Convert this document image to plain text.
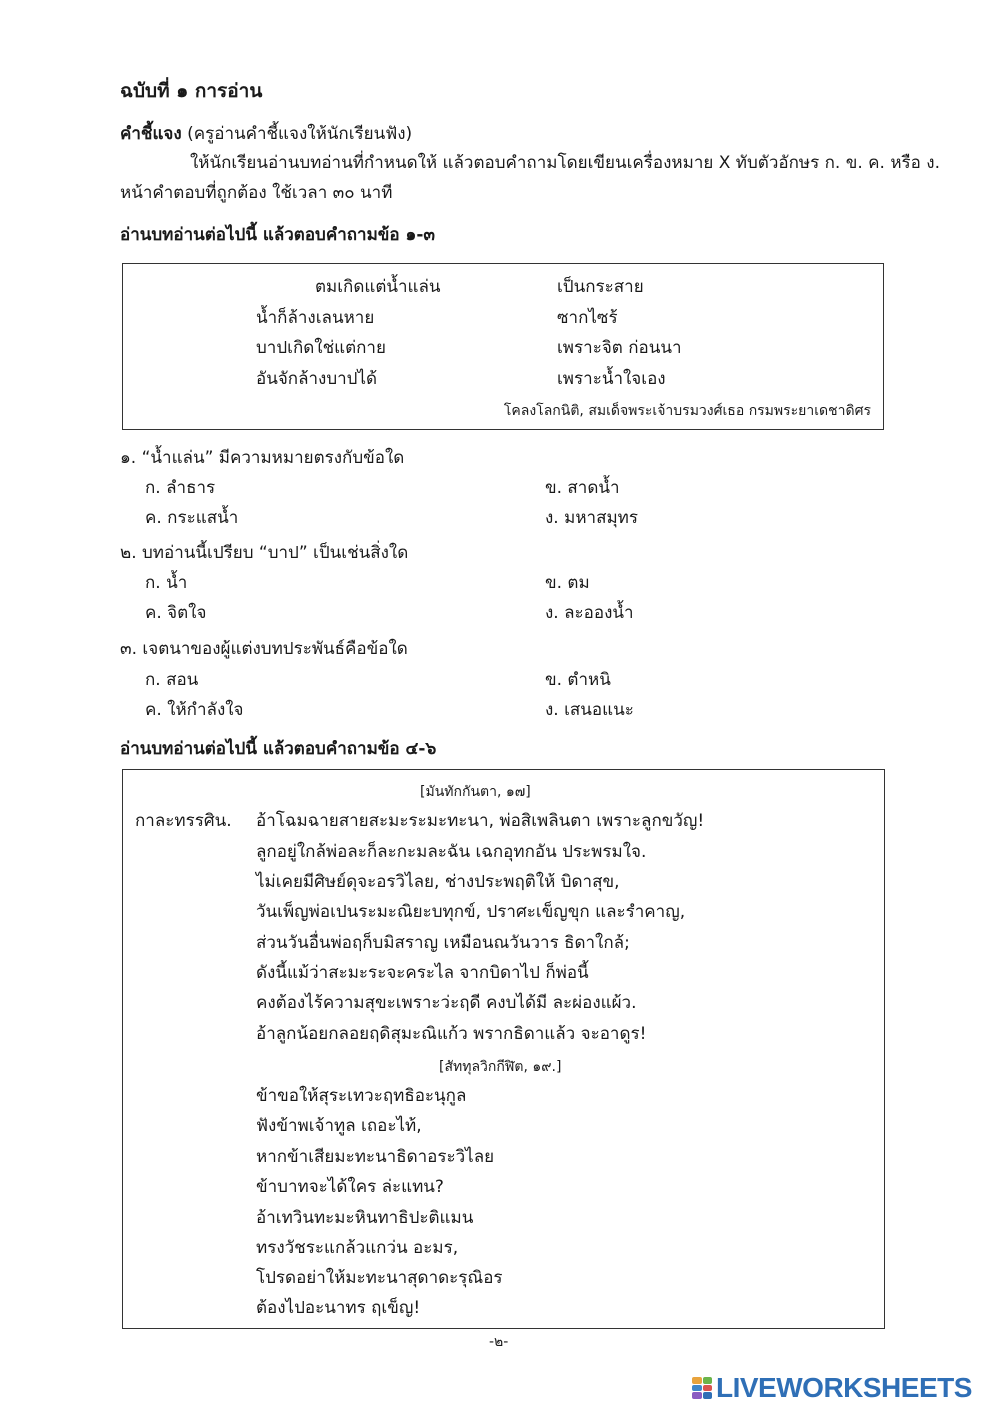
ฉบับที่ ๑ การอ่าน
คำชี้แจง (ครูอ่านคำชี้แจงให้นักเรียนฟัง)
ให้นักเรียนอ่านบทอ่านที่กำหนดให้ แล้วตอบคำถามโดยเขียนเครื่องหมาย X ทับตัวอักษร ก. ข. ค. หรือ ง.
หน้าคำตอบที่ถูกต้อง ใช้เวลา ๓๐ นาที
อ่านบทอ่านต่อไปนี้ แล้วตอบคำถามข้อ ๑-๓
ตมเกิดแต่น้ำแล่น	เป็นกระสาย
น้ำก็ล้างเลนหาย	ซากไซร้
บาปเกิดใช่แต่กาย	เพราะจิต ก่อนนา
อันจักล้างบาปได้	เพราะน้ำใจเอง
โคลงโลกนิติ, สมเด็จพระเจ้าบรมวงศ์เธอ กรมพระยาเดชาดิศร
๑. “น้ำแล่น” มีความหมายตรงกับข้อใด
ก. ลำธาร	ข. สาดน้ำ
ค. กระแสน้ำ	ง. มหาสมุทร
๒. บทอ่านนี้เปรียบ “บาป” เป็นเช่นสิ่งใด
ก. น้ำ	ข. ตม
ค. จิตใจ	ง. ละอองน้ำ
๓. เจตนาของผู้แต่งบทประพันธ์คือข้อใด
ก. สอน	ข. ตำหนิ
ค. ให้กำลังใจ	ง. เสนอแนะ
อ่านบทอ่านต่อไปนี้ แล้วตอบคำถามข้อ ๔-๖
[มันทักกันตา, ๑๗]
กาละทรรศิน. อ้าโฉมฉายสายสะมะระมะทะนา, พ่อสิเพลินตา เพราะลูกขวัญ!
ลูกอยู่ใกล้พ่อละก็ละกะมละฉัน เฉกอุทกอัน ประพรมใจ.
ไม่เคยมีศิษย์ดุจะอรวิไลย, ช่างประพฤติให้ บิดาสุข,
วันเพ็ญพ่อเปนระมะณิยะบทุกข์, ปราศะเข็ญขุก และรำคาญ,
ส่วนวันอื่นพ่อฤก็บมิสราญ เหมือนณวันวาร ธิดาใกล้;
ดังนี้แม้ว่าสะมะระจะคระไล จากบิดาไป ก็พ่อนี้
คงต้องไร้ความสุขะเพราะว่ะฤดี คงบได้มี ละผ่องแผ้ว.
อ้าลูกน้อยกลอยฤดิสุมะณิแก้ว พรากธิดาแล้ว จะอาดูร!
[สัททุลวิกกีฬิต, ๑๙.]
ข้าขอให้สุระเทวะฤทธิอะนุกูล
ฟังข้าพเจ้าทูล เถอะไท้,
หากข้าเสียมะทะนาธิดาอระวิไลย
ข้าบาทจะได้ใคร ล่ะแทน?
อ้าเทวินทะมะหินทาธิปะติแมน
ทรงวัชระแกล้วแกว่น อะมร,
โปรดอย่าให้มะทะนาสุดาดะรุณิอร
ต้องไปอะนาทร ฤเข็ญ!
-๒-
LIVEWORKSHEETS
